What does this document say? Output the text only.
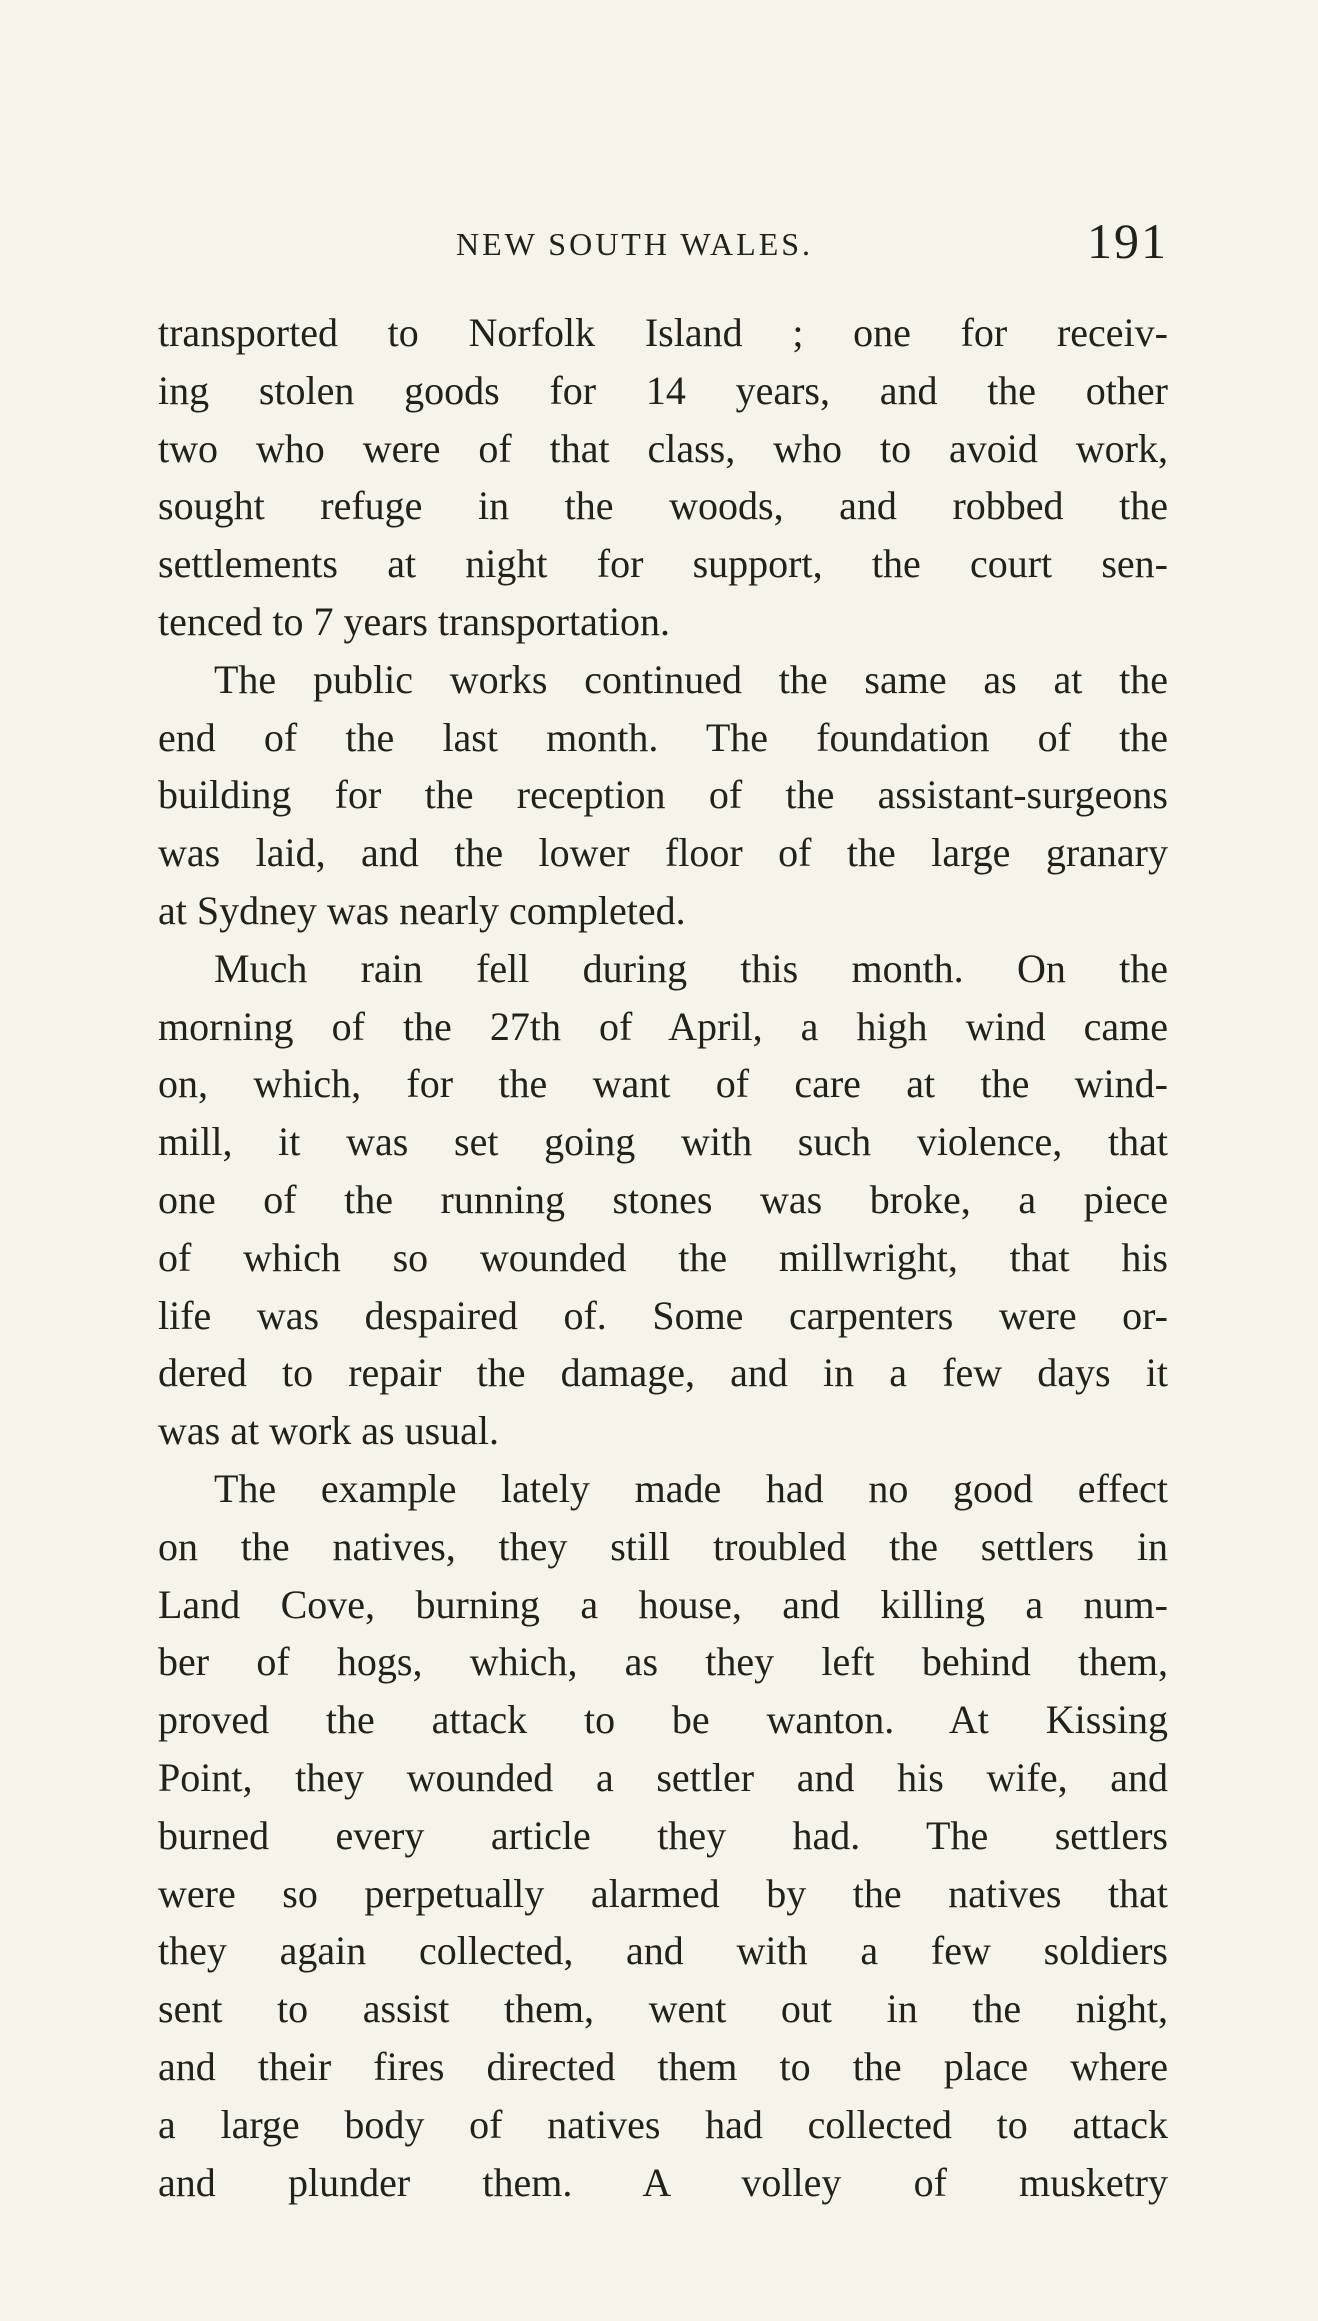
NEW SOUTH WALES.	191
transported to Norfolk Island ; one for receiv-
ing stolen goods for 14 years, and the other
two who were of that class, who to avoid work,
sought refuge in the woods, and robbed the
settlements at night for support, the court sen-
tenced to 7 years transportation.
The public works continued the same as at the
end of the last month. The foundation of the
building for the reception of the assistant-surgeons
was laid, and the lower floor of the large granary
at Sydney was nearly completed.
Much rain fell during this month. On the
morning of the 27th of April, a high wind came
on, which, for the want of care at the wind-
mill, it was set going with such violence, that
one of the running stones was broke, a piece
of which so wounded the millwright, that his
life was despaired of. Some carpenters were or-
dered to repair the damage, and in a few days it
was at work as usual.
The example lately made had no good effect
on the natives, they still troubled the settlers in
Land Cove, burning a house, and killing a num-
ber of hogs, which, as they left behind them,
proved the attack to be wanton. At Kissing
Point, they wounded a settler and his wife, and
burned every article they had. The settlers
were so perpetually alarmed by the natives that
they again collected, and with a few soldiers
sent to assist them, went out in the night,
and their fires directed them to the place where
a large body of natives had collected to attack
and plunder them. A volley of musketry
